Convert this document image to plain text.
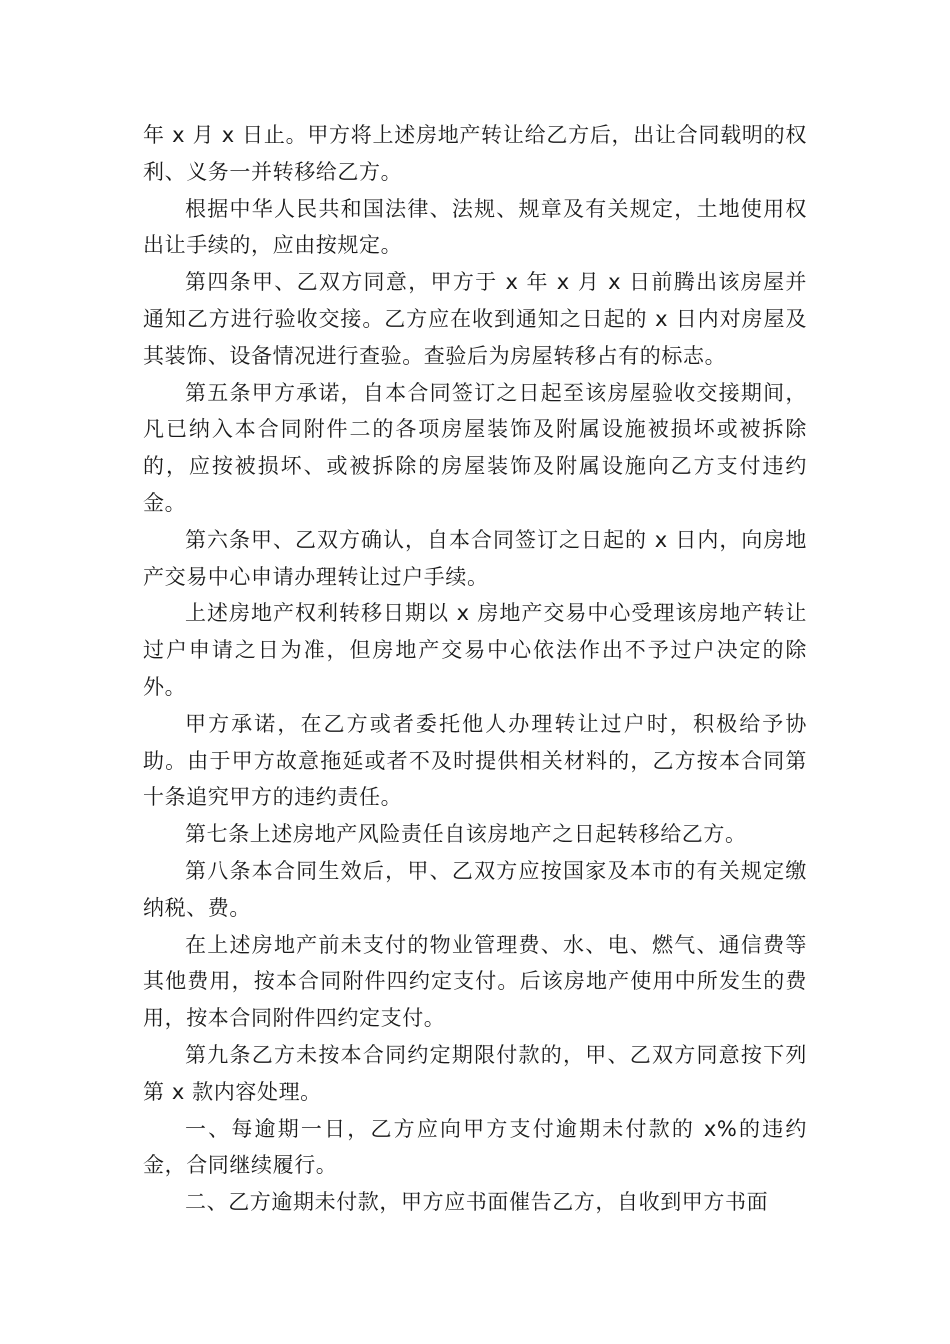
年 x 月 x 日止。甲方将上述房地产转让给乙方后，出让合同载明的权利、义务一并转移给乙方。

根据中华人民共和国法律、法规、规章及有关规定，土地使用权出让手续的，应由按规定。

第四条甲、乙双方同意，甲方于 x 年 x 月 x 日前腾出该房屋并通知乙方进行验收交接。乙方应在收到通知之日起的 x 日内对房屋及其装饰、设备情况进行查验。查验后为房屋转移占有的标志。

第五条甲方承诺，自本合同签订之日起至该房屋验收交接期间，凡已纳入本合同附件二的各项房屋装饰及附属设施被损坏或被拆除的，应按被损坏、或被拆除的房屋装饰及附属设施向乙方支付违约金。

第六条甲、乙双方确认，自本合同签订之日起的 x 日内，向房地产交易中心申请办理转让过户手续。

上述房地产权利转移日期以 x 房地产交易中心受理该房地产转让过户申请之日为准，但房地产交易中心依法作出不予过户决定的除外。

甲方承诺，在乙方或者委托他人办理转让过户时，积极给予协助。由于甲方故意拖延或者不及时提供相关材料的，乙方按本合同第十条追究甲方的违约责任。

第七条上述房地产风险责任自该房地产之日起转移给乙方。

第八条本合同生效后，甲、乙双方应按国家及本市的有关规定缴纳税、费。

在上述房地产前未支付的物业管理费、水、电、燃气、通信费等其他费用，按本合同附件四约定支付。后该房地产使用中所发生的费用，按本合同附件四约定支付。

第九条乙方未按本合同约定期限付款的，甲、乙双方同意按下列第 x 款内容处理。

一、每逾期一日，乙方应向甲方支付逾期未付款的 x%的违约金，合同继续履行。

二、乙方逾期未付款，甲方应书面催告乙方，自收到甲方书面
